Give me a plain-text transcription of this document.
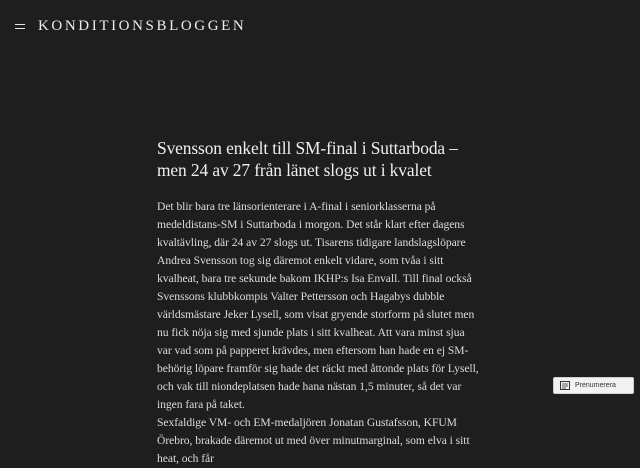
KONDITIONSBLOGGEN
Svensson enkelt till SM-final i Suttarboda – men 24 av 27 från länet slogs ut i kvalet

Det blir bara tre länsorienterare i A-final i seniorklasserna på medeldistans-SM i Suttarboda i morgon. Det står klart efter dagens kvaltävling, där 24 av 27 slogs ut. Tisarens tidigare landslagslöpare Andrea Svensson tog sig däremot enkelt vidare, som tvåa i sitt kvalheat, bara tre sekunde bakom IKHP:s Isa Envall. Till final också Svenssons klubbkompis Valter Pettersson och Hagabys dubble världsmästare Jeker Lysell, som visat gryende storform på slutet men nu fick nöja sig med sjunde plats i sitt kvalheat. Att vara minst sjua var vad som på papperet krävdes, men eftersom han hade en ej SM-behörig löpare framför sig hade det räckt med åttonde plats för Lysell, och vak till niondeplatsen hade hana nästan 1,5 minuter, så det var ingen fara på taket.

Sexfaldige VM- och EM-medaljören Jonatan Gustafsson, KFUM Örebro, brakade däremot ut med över minutmarginal, som elva i sitt heat, och får

Prenumerera
